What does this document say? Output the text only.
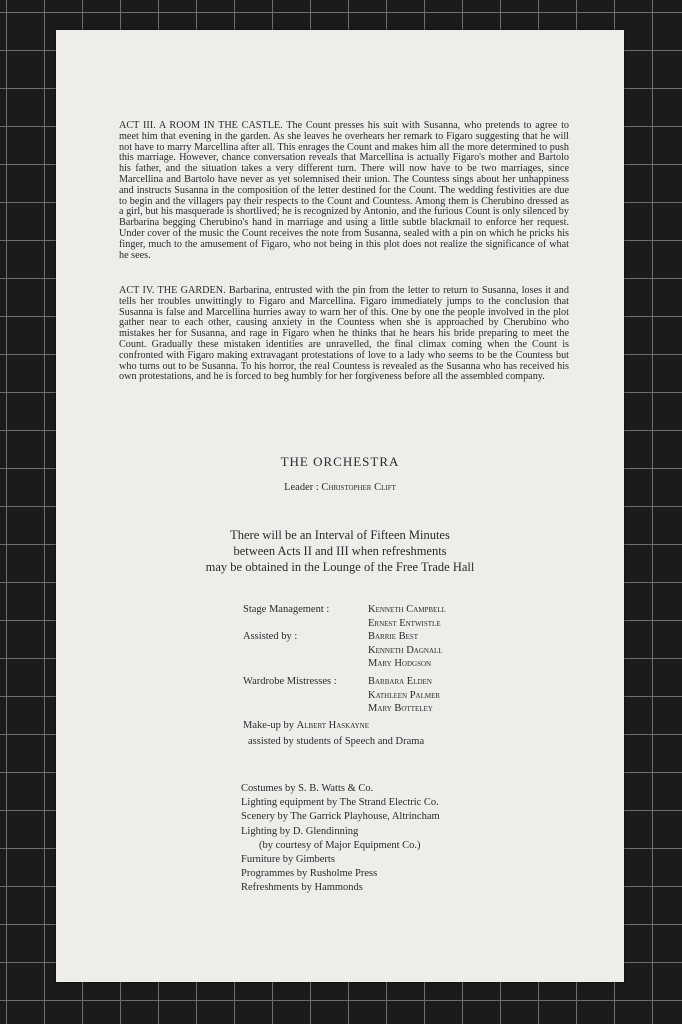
ACT III. A ROOM IN THE CASTLE. The Count presses his suit with Susanna, who pretends to agree to meet him that evening in the garden. As she leaves he overhears her remark to Figaro suggesting that he will not have to marry Marcellina after all. This enrages the Count and makes him all the more determined to push this marriage. However, chance conversation reveals that Marcellina is actually Figaro's mother and Bartolo his father, and the situation takes a very different turn. There will now have to be two marriages, since Marcellina and Bartolo have never as yet solemnised their union. The Countess sings about her unhappiness and instructs Susanna in the composition of the letter destined for the Count. The wedding festivities are due to begin and the villagers pay their respects to the Count and Countess. Among them is Cherubino dressed as a girl, but his masquerade is shortlived; he is recognized by Antonio, and the furious Count is only silenced by Barbarina begging Cherubino's hand in marriage and using a little subtle blackmail to enforce her request. Under cover of the music the Count receives the note from Susanna, sealed with a pin on which he pricks his finger, much to the amusement of Figaro, who not being in this plot does not realize the significance of what he sees.

ACT IV. THE GARDEN. Barbarina, entrusted with the pin from the letter to return to Susanna, loses it and tells her troubles unwittingly to Figaro and Marcellina. Figaro immediately jumps to the conclusion that Susanna is false and Marcellina hurries away to warn her of this. One by one the people involved in the plot gather near to each other, causing anxiety in the Countess when she is approached by Cherubino who mistakes her for Susanna, and rage in Figaro when he thinks that he hears his bride preparing to meet the Count. Gradually these mistaken identities are unravelled, the final climax coming when the Count is confronted with Figaro making extravagant protestations of love to a lady who seems to be the Countess but who turns out to be Susanna. To his horror, the real Countess is revealed as the Susanna who has received his own protestations, and he is forced to beg humbly for her forgiveness before all the assembled company.

THE ORCHESTRA

Leader : Christopher Clift

There will be an Interval of Fifteen Minutes
between Acts II and III when refreshments
may be obtained in the Lounge of the Free Trade Hall

Stage Management :	Kenneth Campbell
Ernest Entwistle

Assisted by :	Barrie Best
Kenneth Dagnall
Mary Hodgson

Wardrobe Mistresses :	Barbara Elden
Kathleen Palmer
Mary Botteley

Make-up by Albert Haskayne
assisted by students of Speech and Drama
Costumes by S. B. Watts & Co.
Lighting equipment by The Strand Electric Co.
Scenery by The Garrick Playhouse, Altrincham
Lighting by D. Glendinning
(by courtesy of Major Equipment Co.)
Furniture by Gimberts
Programmes by Rusholme Press
Refreshments by Hammonds
